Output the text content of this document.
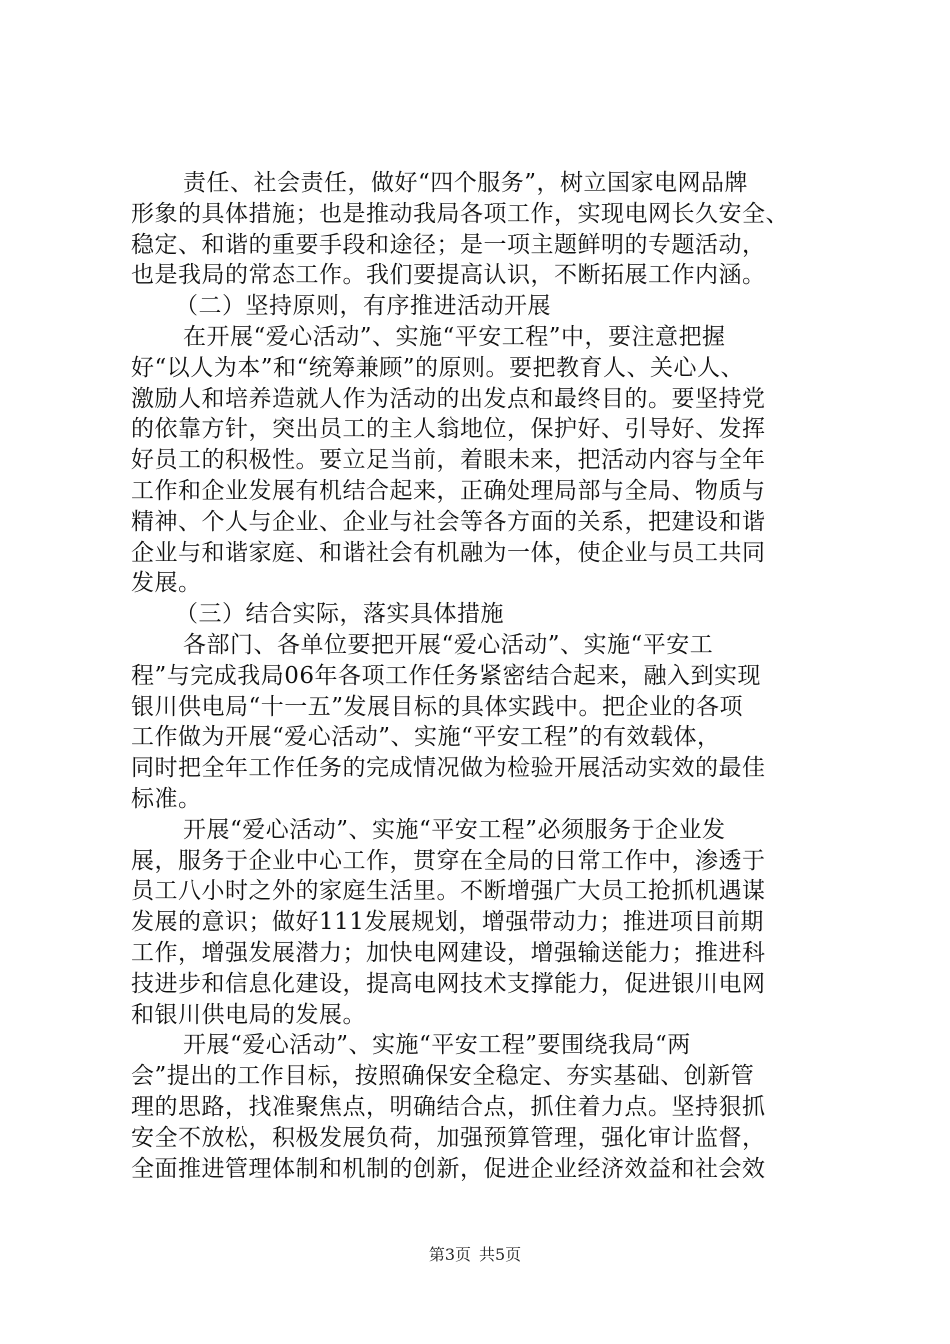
责任、社会责任，做好“四个服务”，树立国家电网品牌
形象的具体措施；也是推动我局各项工作，实现电网长久安全、
稳定、和谐的重要手段和途径；是一项主题鲜明的专题活动，
也是我局的常态工作。我们要提高认识，不断拓展工作内涵。
（二）坚持原则，有序推进活动开展
在开展“爱心活动”、实施“平安工程”中，要注意把握
好“以人为本”和“统筹兼顾”的原则。要把教育人、关心人、
激励人和培养造就人作为活动的出发点和最终目的。要坚持党
的依靠方针，突出员工的主人翁地位，保护好、引导好、发挥
好员工的积极性。要立足当前，着眼未来，把活动内容与全年
工作和企业发展有机结合起来，正确处理局部与全局、物质与
精神、个人与企业、企业与社会等各方面的关系，把建设和谐
企业与和谐家庭、和谐社会有机融为一体，使企业与员工共同
发展。
（三）结合实际，落实具体措施
各部门、各单位要把开展“爱心活动”、实施“平安工
程”与完成我局06年各项工作任务紧密结合起来，融入到实现
银川供电局“十一五”发展目标的具体实践中。把企业的各项
工作做为开展“爱心活动”、实施“平安工程”的有效载体，
同时把全年工作任务的完成情况做为检验开展活动实效的最佳
标准。
开展“爱心活动”、实施“平安工程”必须服务于企业发
展，服务于企业中心工作，贯穿在全局的日常工作中，渗透于
员工八小时之外的家庭生活里。不断增强广大员工抢抓机遇谋
发展的意识；做好111发展规划，增强带动力；推进项目前期
工作，增强发展潜力；加快电网建设，增强输送能力；推进科
技进步和信息化建设，提高电网技术支撑能力，促进银川电网
和银川供电局的发展。
开展“爱心活动”、实施“平安工程”要围绕我局“两
会”提出的工作目标，按照确保安全稳定、夯实基础、创新管
理的思路，找准聚焦点，明确结合点，抓住着力点。坚持狠抓
安全不放松，积极发展负荷，加强预算管理，强化审计监督，
全面推进管理体制和机制的创新，促进企业经济效益和社会效
第3页 共5页
